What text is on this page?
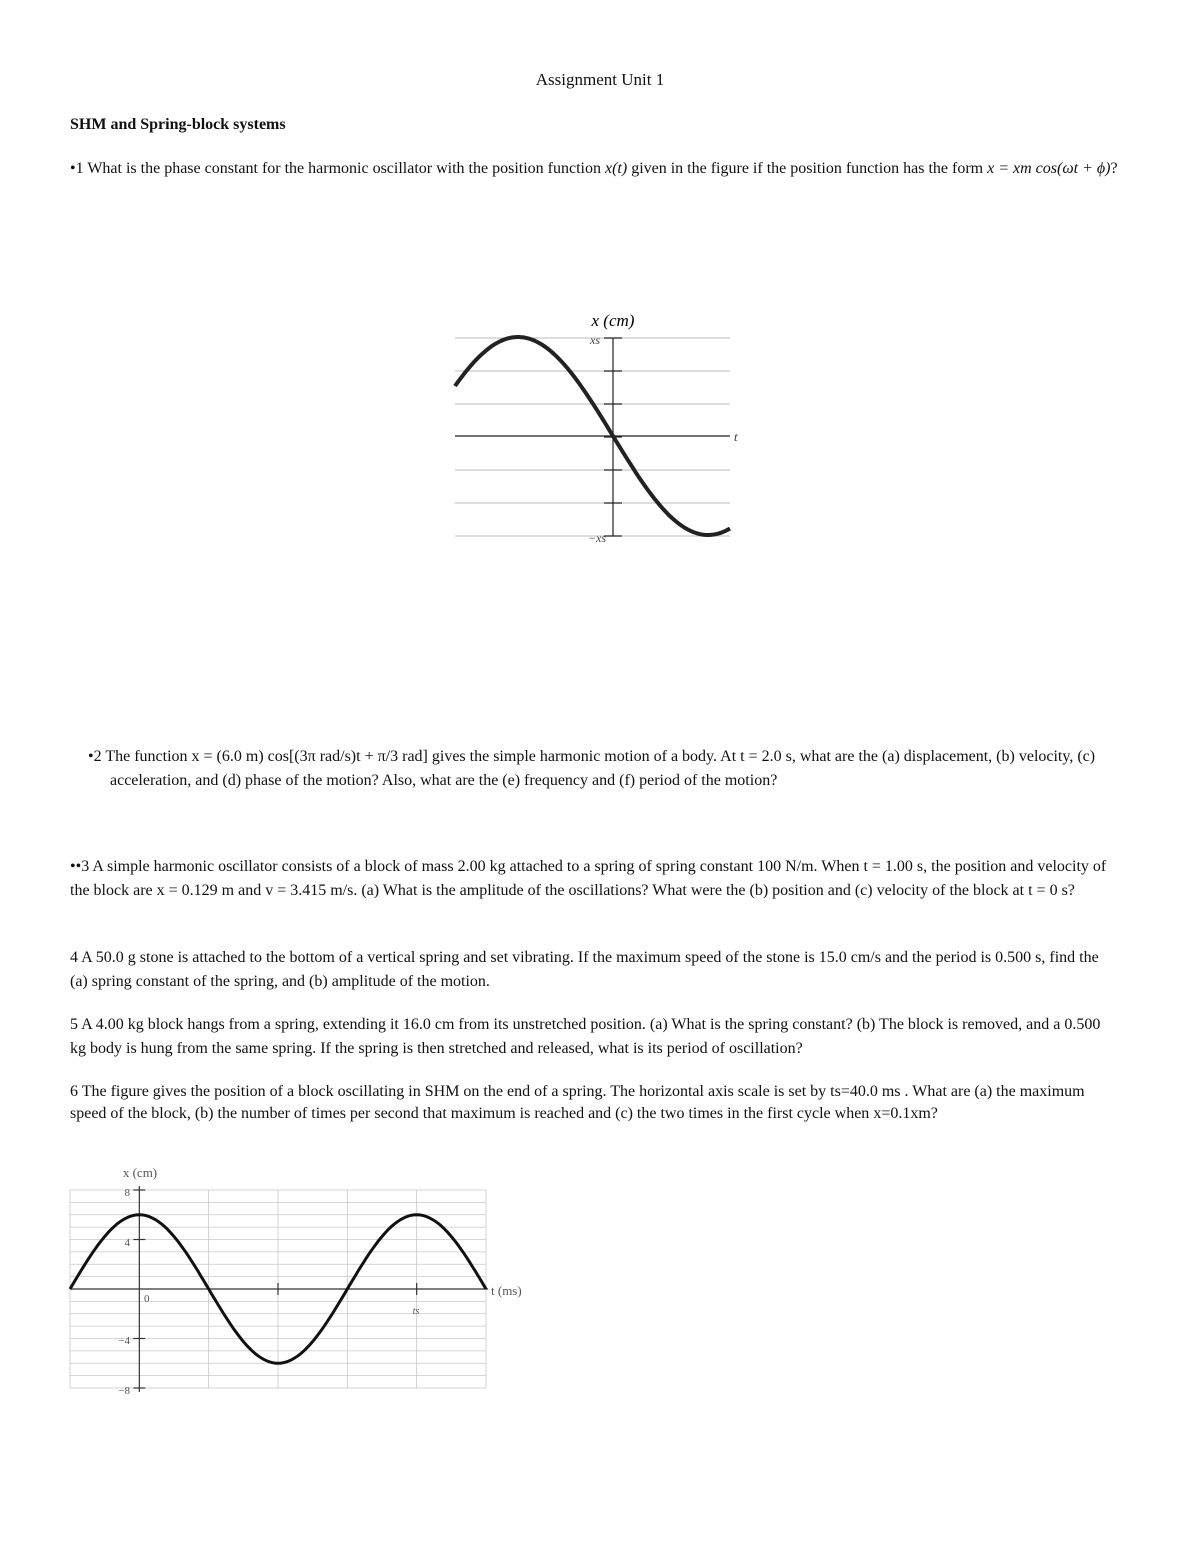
Assignment Unit 1
SHM and Spring-block systems

•1 What is the phase constant for the harmonic oscillator with the position function x(t) given in the figure if the position function has the form x = xm cos(ωt + ϕ)?

x (cm)
xs
−xs
t

•2 The function x = (6.0 m) cos[(3π rad/s)t + π/3 rad] gives the simple harmonic motion of a body. At t = 2.0 s, what are the (a) displacement, (b) velocity, (c) acceleration, and (d) phase of the motion? Also, what are the (e) frequency and (f) period of the motion?

••3 A simple harmonic oscillator consists of a block of mass 2.00 kg attached to a spring of spring constant 100 N/m. When t = 1.00 s, the position and velocity of the block are x = 0.129 m and v = 3.415 m/s. (a) What is the amplitude of the oscillations? What were the (b) position and (c) velocity of the block at t = 0 s?

4 A 50.0 g stone is attached to the bottom of a vertical spring and set vibrating. If the maximum speed of the stone is 15.0 cm/s and the period is 0.500 s, find the (a) spring constant of the spring, and (b) amplitude of the motion.

5 A 4.00 kg block hangs from a spring, extending it 16.0 cm from its unstretched position. (a) What is the spring constant? (b) The block is removed, and a 0.500 kg body is hung from the same spring. If the spring is then stretched and released, what is its period of oscillation?

6 The figure gives the position of a block oscillating in SHM on the end of a spring. The horizontal axis scale is set by ts=40.0 ms . What are (a) the maximum speed of the block, (b) the number of times per second that maximum is reached and (c) the two times in the first cycle when x=0.1xm?

x (cm)
t (ms)
0
ts
8
4
−4
−8
